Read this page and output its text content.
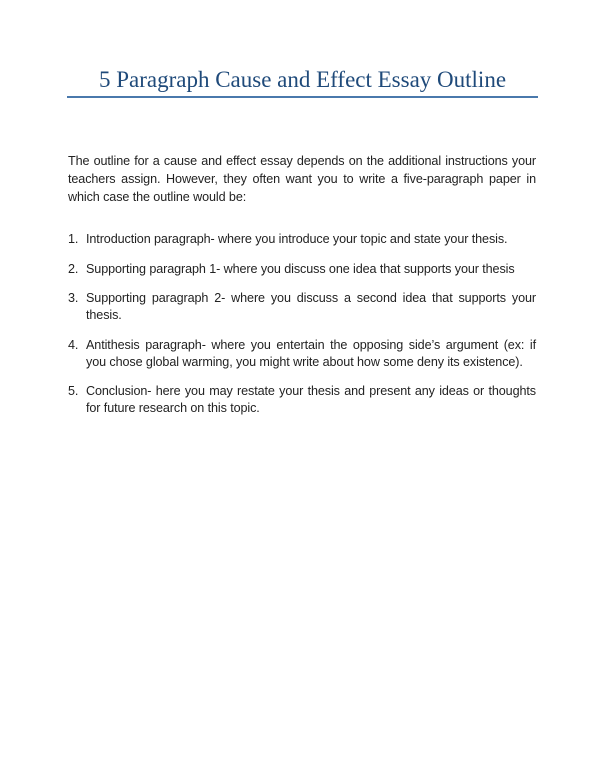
5 Paragraph Cause and Effect Essay Outline

The outline for a cause and effect essay depends on the additional instructions your teachers assign. However, they often want you to write a five-paragraph paper in which case the outline would be:

1. Introduction paragraph- where you introduce your topic and state your thesis.
2. Supporting paragraph 1- where you discuss one idea that supports your thesis
3. Supporting paragraph 2- where you discuss a second idea that supports your thesis.
4. Antithesis paragraph- where you entertain the opposing side’s argument (ex: if you chose global warming, you might write about how some deny its existence).
5. Conclusion- here you may restate your thesis and present any ideas or thoughts for future research on this topic.
